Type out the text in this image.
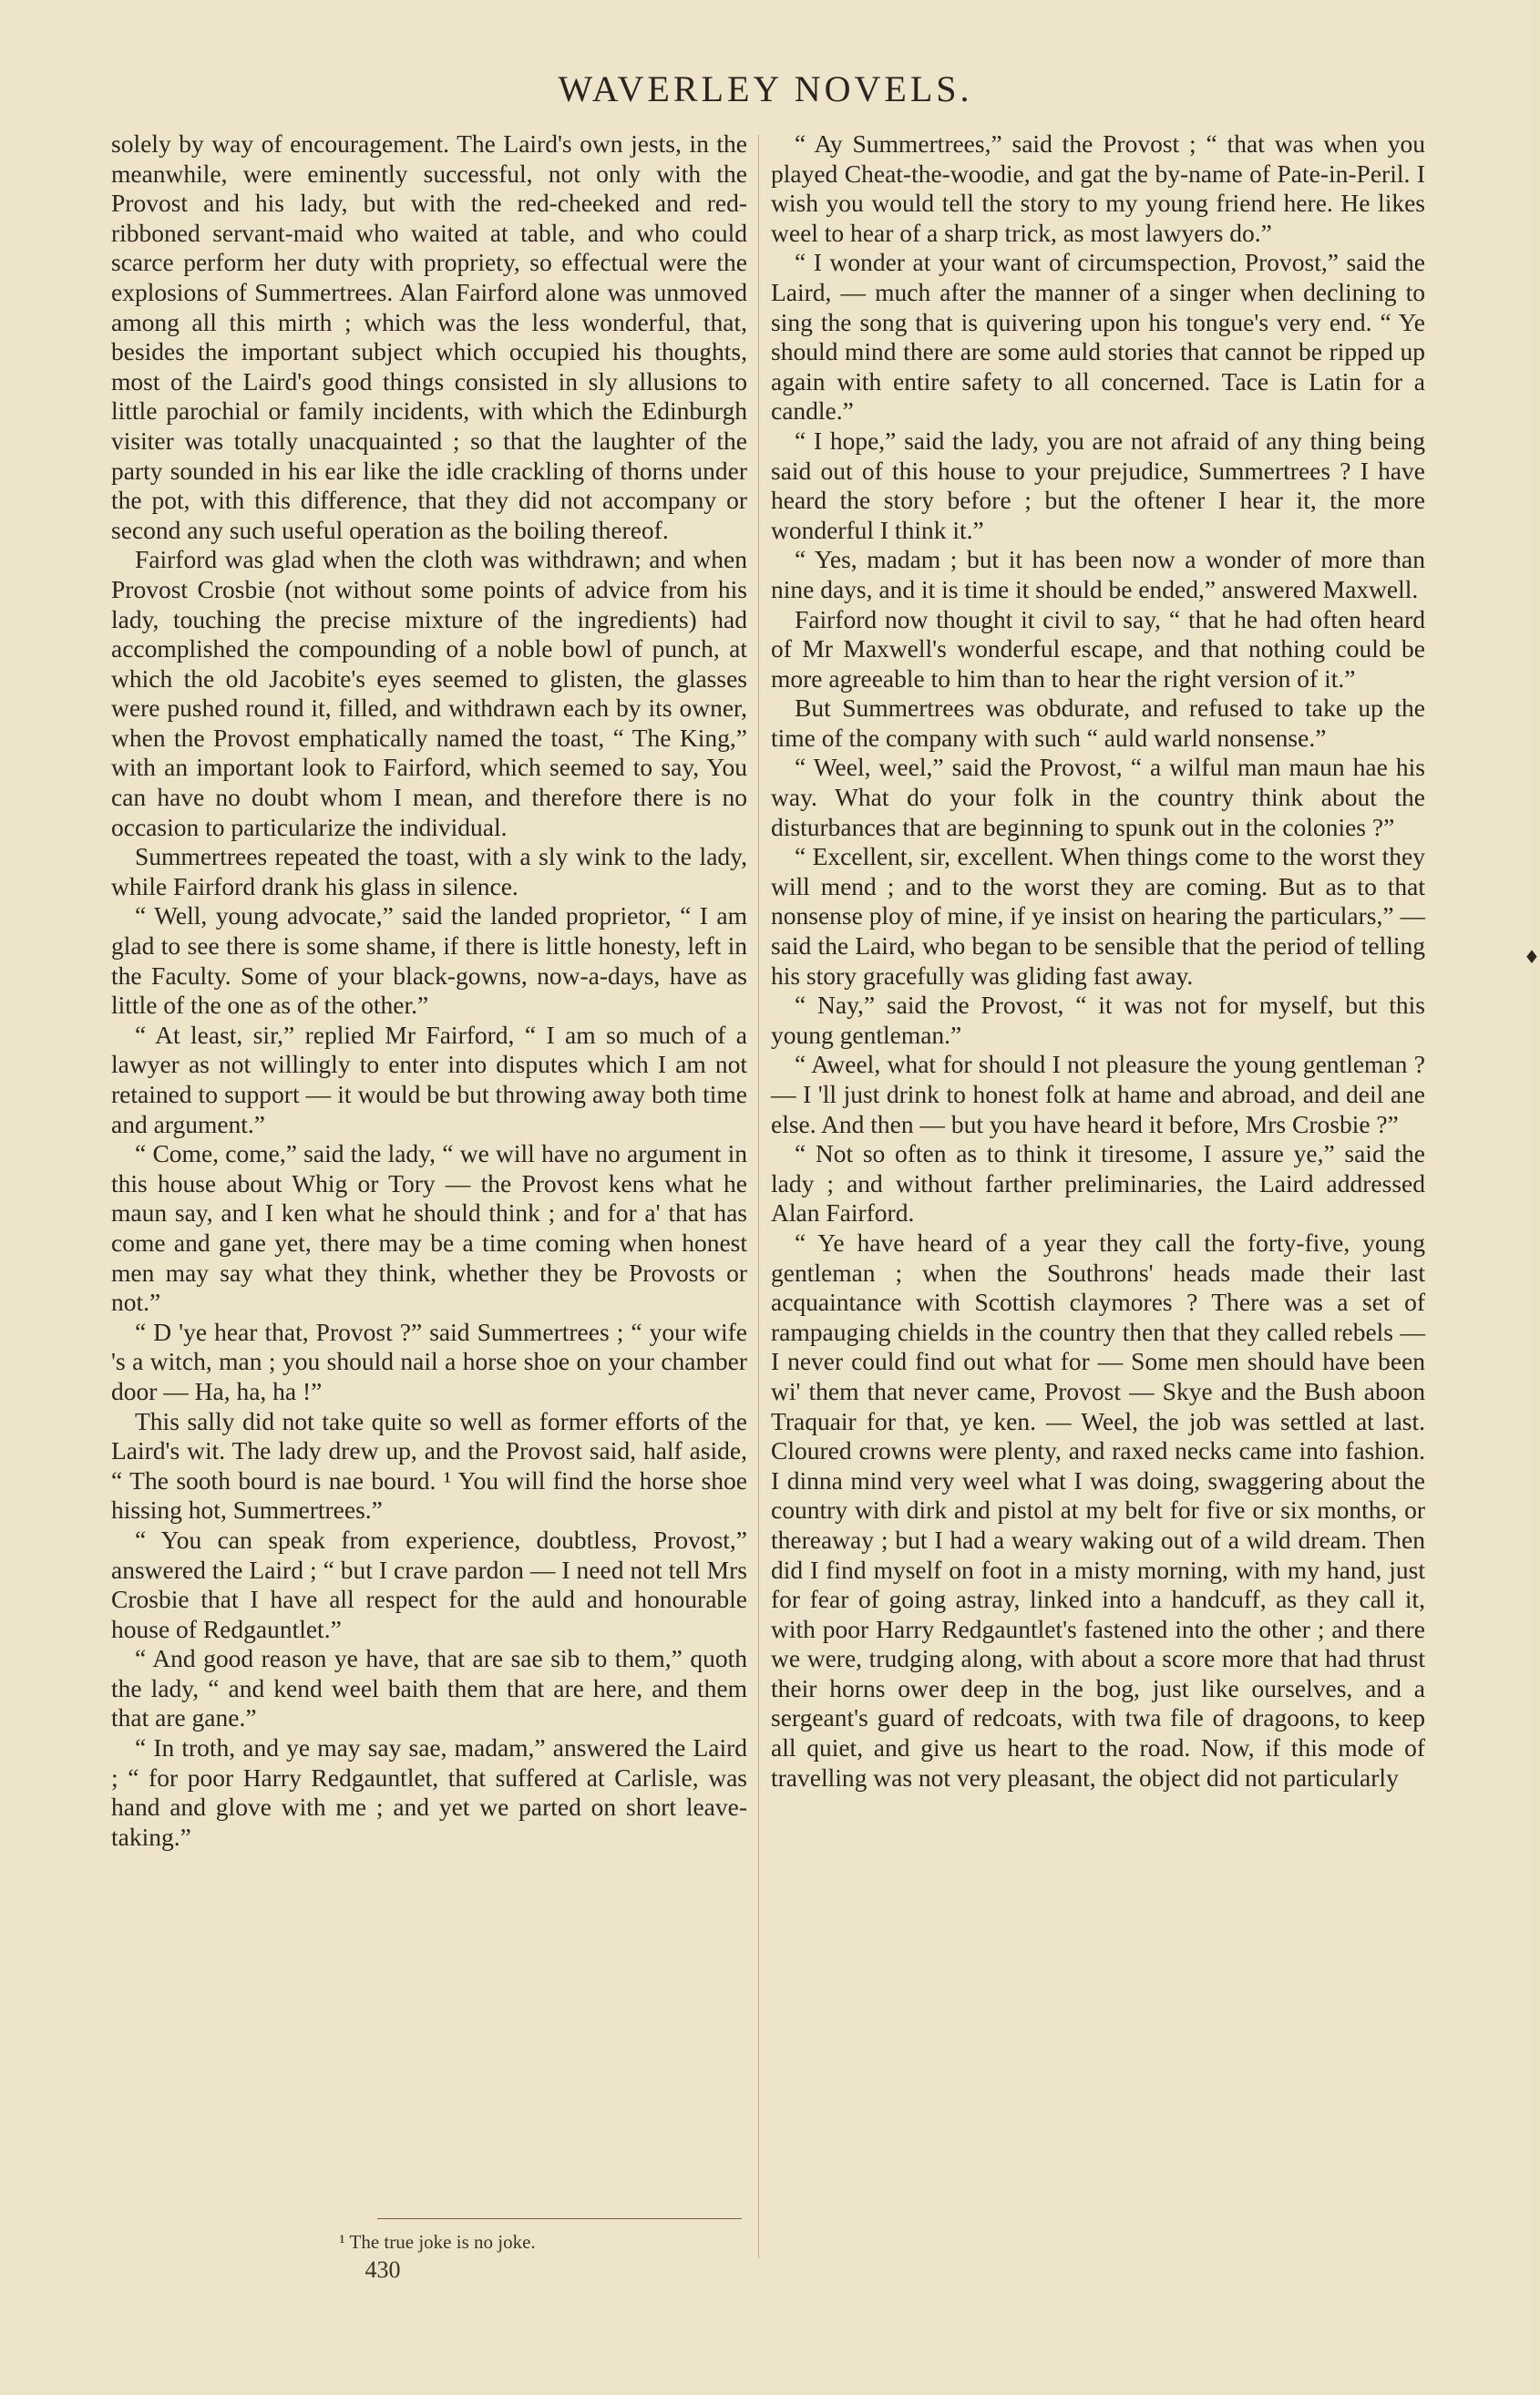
WAVERLEY NOVELS.

solely by way of encouragement. The Laird's own jests, in the meanwhile, were eminently successful, not only with the Provost and his lady, but with the red-cheeked and red-ribboned servant-maid who waited at table, and who could scarce perform her duty with propriety, so effectual were the explosions of Summertrees. Alan Fairford alone was unmoved among all this mirth ; which was the less wonderful, that, besides the important subject which occupied his thoughts, most of the Laird's good things consisted in sly allusions to little parochial or family incidents, with which the Edinburgh visiter was totally unacquainted ; so that the laughter of the party sounded in his ear like the idle crackling of thorns under the pot, with this difference, that they did not accompany or second any such useful operation as the boiling thereof.

Fairford was glad when the cloth was withdrawn; and when Provost Crosbie (not without some points of advice from his lady, touching the precise mixture of the ingredients) had accomplished the compounding of a noble bowl of punch, at which the old Jacobite's eyes seemed to glisten, the glasses were pushed round it, filled, and withdrawn each by its owner, when the Provost emphatically named the toast, “ The King,” with an important look to Fairford, which seemed to say, You can have no doubt whom I mean, and therefore there is no occasion to particularize the individual.

Summertrees repeated the toast, with a sly wink to the lady, while Fairford drank his glass in silence.

“ Well, young advocate,” said the landed proprietor, “ I am glad to see there is some shame, if there is little honesty, left in the Faculty. Some of your black-gowns, now-a-days, have as little of the one as of the other.”

“ At least, sir,” replied Mr Fairford, “ I am so much of a lawyer as not willingly to enter into disputes which I am not retained to support — it would be but throwing away both time and argument.”

“ Come, come,” said the lady, “ we will have no argument in this house about Whig or Tory — the Provost kens what he maun say, and I ken what he should think ; and for a' that has come and gane yet, there may be a time coming when honest men may say what they think, whether they be Provosts or not.”

“ D 'ye hear that, Provost ?” said Summertrees ; “ your wife 's a witch, man ; you should nail a horse shoe on your chamber door — Ha, ha, ha !”

This sally did not take quite so well as former efforts of the Laird's wit. The lady drew up, and the Provost said, half aside, “ The sooth bourd is nae bourd. ¹ You will find the horse shoe hissing hot, Summertrees.”

“ You can speak from experience, doubtless, Provost,” answered the Laird ; “ but I crave pardon — I need not tell Mrs Crosbie that I have all respect for the auld and honourable house of Redgauntlet.”

“ And good reason ye have, that are sae sib to them,” quoth the lady, “ and kend weel baith them that are here, and them that are gane.”

“ In troth, and ye may say sae, madam,” answered the Laird ; “ for poor Harry Redgauntlet, that suffered at Carlisle, was hand and glove with me ; and yet we parted on short leave-taking.”

“ Ay Summertrees,” said the Provost ; “ that was when you played Cheat-the-woodie, and gat the by-name of Pate-in-Peril. I wish you would tell the story to my young friend here. He likes weel to hear of a sharp trick, as most lawyers do.”

“ I wonder at your want of circumspection, Provost,” said the Laird, — much after the manner of a singer when declining to sing the song that is quivering upon his tongue's very end. “ Ye should mind there are some auld stories that cannot be ripped up again with entire safety to all concerned. Tace is Latin for a candle.”

“ I hope,” said the lady, you are not afraid of any thing being said out of this house to your prejudice, Summertrees ? I have heard the story before ; but the oftener I hear it, the more wonderful I think it.”

“ Yes, madam ; but it has been now a wonder of more than nine days, and it is time it should be ended,” answered Maxwell.

Fairford now thought it civil to say, “ that he had often heard of Mr Maxwell's wonderful escape, and that nothing could be more agreeable to him than to hear the right version of it.”

But Summertrees was obdurate, and refused to take up the time of the company with such “ auld warld nonsense.”

“ Weel, weel,” said the Provost, “ a wilful man maun hae his way. What do your folk in the country think about the disturbances that are beginning to spunk out in the colonies ?”

“ Excellent, sir, excellent. When things come to the worst they will mend ; and to the worst they are coming. But as to that nonsense ploy of mine, if ye insist on hearing the particulars,” — said the Laird, who began to be sensible that the period of telling his story gracefully was gliding fast away.

“ Nay,” said the Provost, “ it was not for myself, but this young gentleman.”

“ Aweel, what for should I not pleasure the young gentleman ? — I 'll just drink to honest folk at hame and abroad, and deil ane else. And then — but you have heard it before, Mrs Crosbie ?”

“ Not so often as to think it tiresome, I assure ye,” said the lady ; and without farther preliminaries, the Laird addressed Alan Fairford.

“ Ye have heard of a year they call the forty-five, young gentleman ; when the Southrons' heads made their last acquaintance with Scottish claymores ? There was a set of rampauging chields in the country then that they called rebels — I never could find out what for — Some men should have been wi' them that never came, Provost — Skye and the Bush aboon Traquair for that, ye ken. — Weel, the job was settled at last. Cloured crowns were plenty, and raxed necks came into fashion. I dinna mind very weel what I was doing, swaggering about the country with dirk and pistol at my belt for five or six months, or thereaway ; but I had a weary waking out of a wild dream. Then did I find myself on foot in a misty morning, with my hand, just for fear of going astray, linked into a handcuff, as they call it, with poor Harry Redgauntlet's fastened into the other ; and there we were, trudging along, with about a score more that had thrust their horns ower deep in the bog, just like ourselves, and a sergeant's guard of redcoats, with twa file of dragoons, to keep all quiet, and give us heart to the road. Now, if this mode of travelling was not very pleasant, the object did not particularly

¹ The true joke is no joke.
430
♦
